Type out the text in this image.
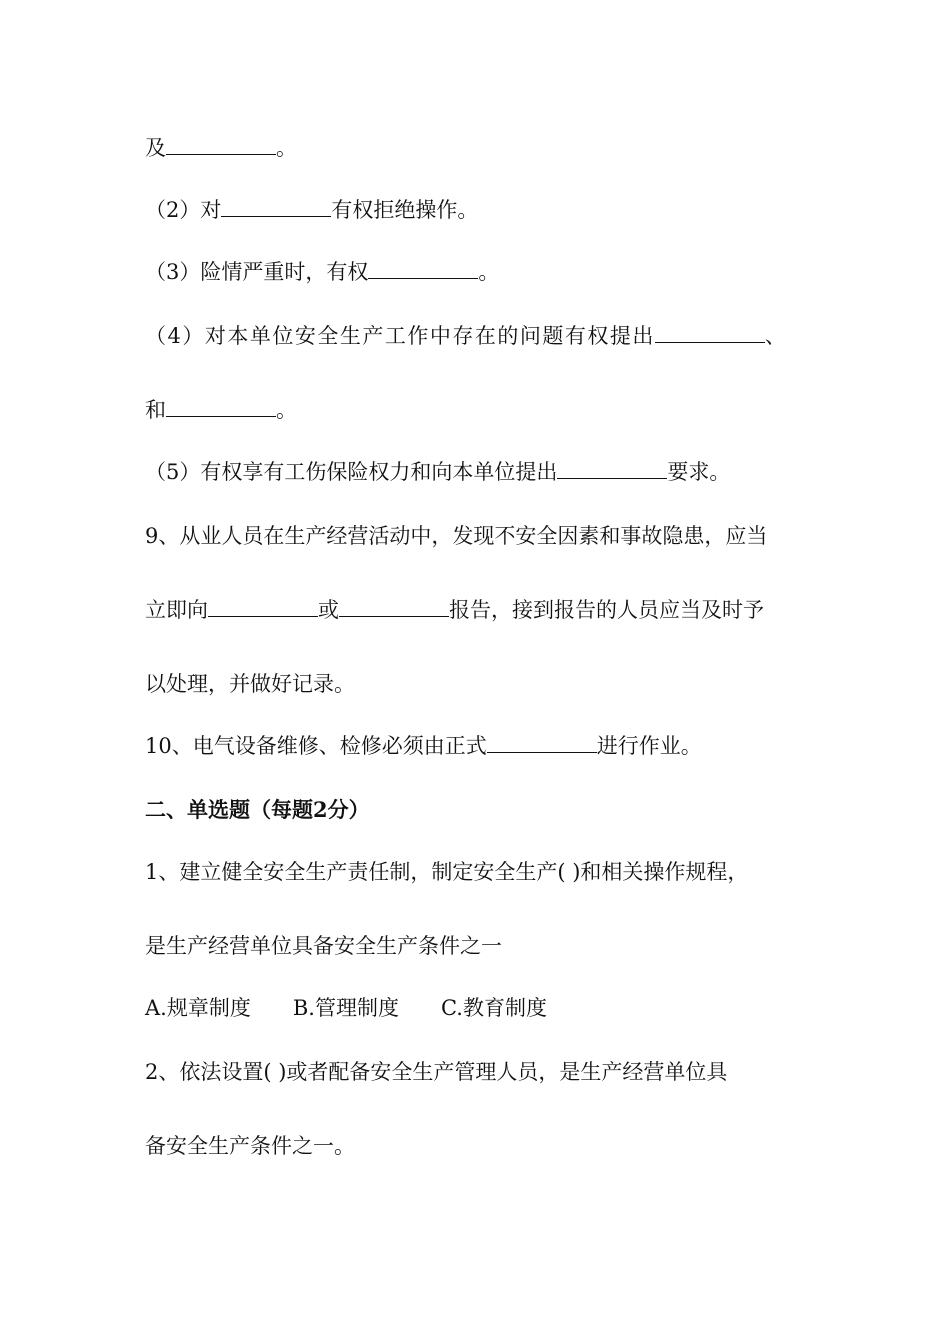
及	。
（2）对	有权拒绝操作。
（3）险情严重时，有权	。
（4）对本单位安全生产工作中存在的问题有权提出	、
和	。
（5）有权享有工伤保险权力和向本单位提出	要求。
9、从业人员在生产经营活动中，发现不安全因素和事故隐患，应当
立即向	或	报告，接到报告的人员应当及时予
以处理，并做好记录。
10、电气设备维修、检修必须由正式	进行作业。
二、单选题（每题2分）
1、建立健全安全生产责任制，制定安全生产( )和相关操作规程，
是生产经营单位具备安全生产条件之一
A.规章制度 B.管理制度 C.教育制度
2、依法设置( )或者配备安全生产管理人员，是生产经营单位具
备安全生产条件之一。
